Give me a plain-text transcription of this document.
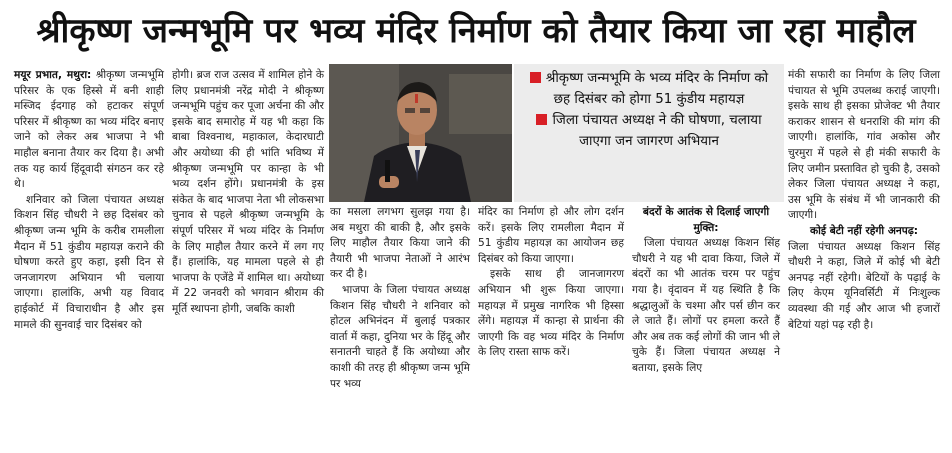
श्रीकृष्ण जन्मभूमि पर भव्य मंदिर निर्माण को तैयार किया जा रहा माहौल

मयूर प्रभात, मथुरा: श्रीकृष्ण जन्मभूमि परिसर के एक हिस्से में बनी शाही मस्जिद ईदगाह को हटाकर संपूर्ण परिसर में श्रीकृष्ण का भव्य मंदिर बनाए जाने को लेकर अब भाजपा ने भी माहौल बनाना तैयार कर दिया है। अभी तक यह कार्य हिंदूवादी संगठन कर रहे थे।

शनिवार को जिला पंचायत अध्यक्ष किशन सिंह चौधरी ने छह दिसंबर को श्रीकृष्ण जन्म भूमि के करीब रामलीला मैदान में 51 कुंडीय महायज्ञ कराने की घोषणा करते हुए कहा, इसी दिन से जनजागरण अभियान भी चलाया जाएगा। हालांकि, अभी यह विवाद हाईकोर्ट में विचाराधीन है और इस मामले की सुनवाई चार दिसंबर को

होगी। ब्रज राज उत्सव में शामिल होने के लिए प्रधानमंत्री नरेंद्र मोदी ने श्रीकृष्ण जन्मभूमि पहुंच कर पूजा अर्चना की और इसके बाद समारोह में यह भी कहा कि बाबा विश्वनाथ, महाकाल, केदारघाटी और अयोध्या की ही भांति भविष्य में श्रीकृष्ण जन्मभूमि पर कान्हा के भी भव्य दर्शन होंगे। प्रधानमंत्री के इस संकेत के बाद भाजपा नेता भी लोकसभा चुनाव से पहले श्रीकृष्ण जन्मभूमि के संपूर्ण परिसर में भव्य मंदिर के निर्माण के लिए माहौल तैयार करने में लग गए हैं। हालांकि, यह मामला पहले से ही भाजपा के एजेंडे में शामिल था। अयोध्या में 22 जनवरी को भगवान श्रीराम की मूर्ति स्थापना होगी, जबकि काशी

श्रीकृष्ण जन्मभूमि के भव्य मंदिर के निर्माण को छह दिसंबर को होगा 51 कुंडीय महायज्ञ
जिला पंचायत अध्यक्ष ने की घोषणा, चलाया जाएगा जन जागरण अभियान

का मसला लगभग सुलझ गया है। अब मथुरा की बाकी है, और इसके लिए माहौल तैयार किया जाने की तैयारी भी भाजपा नेताओं ने आरंभ कर दी है।

भाजपा के जिला पंचायत अध्यक्ष किशन सिंह चौधरी ने शनिवार को होटल अभिनंदन में बुलाई पत्रकार वार्ता में कहा, दुनिया भर के हिंदू और सनातनी चाहते हैं कि अयोध्या और काशी की तरह ही श्रीकृष्ण जन्म भूमि पर भव्य

मंदिर का निर्माण हो और लोग दर्शन करें। इसके लिए रामलीला मैदान में 51 कुंडीय महायज्ञ का आयोजन छह दिसंबर को किया जाएगा।

इसके साथ ही जानजागरण अभियान भी शुरू किया जाएगा। महायज्ञ में प्रमुख नागरिक भी हिस्सा लेंगे। महायज्ञ में कान्हा से प्रार्थना की जाएगी कि वह भव्य मंदिर के निर्माण के लिए रास्ता साफ करें।

बंदरों के आतंक से दिलाई जाएगी मुक्ति:

जिला पंचायत अध्यक्ष किशन सिंह चौधरी ने यह भी दावा किया, जिले में बंदरों का भी आतंक चरम पर पहुंच गया है। वृंदावन में यह स्थिति है कि श्रद्धालुओं के चश्मा और पर्स छीन कर ले जाते हैं। लोगों पर हमला करते हैं और अब तक कई लोगों की जान भी ले चुके हैं। जिला पंचायत अध्यक्ष ने बताया, इसके लिए

मंकी सफारी का निर्माण के लिए जिला पंचायत से भूमि उपलब्ध कराई जाएगी। इसके साथ ही इसका प्रोजेक्ट भी तैयार कराकर शासन से धनराशि की मांग की जाएगी। हालांकि, गांव अकोस और चुरमुरा में पहले से ही मंकी सफारी के लिए जमीन प्रस्तावित हो चुकी है, उसको लेकर जिला पंचायत अध्यक्ष ने कहा, उस भूमि के संबंध में भी जानकारी की जाएगी।

कोई बेटी नहीं रहेगी अनपढ़:

जिला पंचायत अध्यक्ष किशन सिंह चौधरी ने कहा, जिले में कोई भी बेटी अनपढ़ नहीं रहेगी। बेटियों के पढ़ाई के लिए केएम यूनिवर्सिटी में निःशुल्क व्यवस्था की गई और आज भी हजारों बेटियां यहां पढ़ रही है।
